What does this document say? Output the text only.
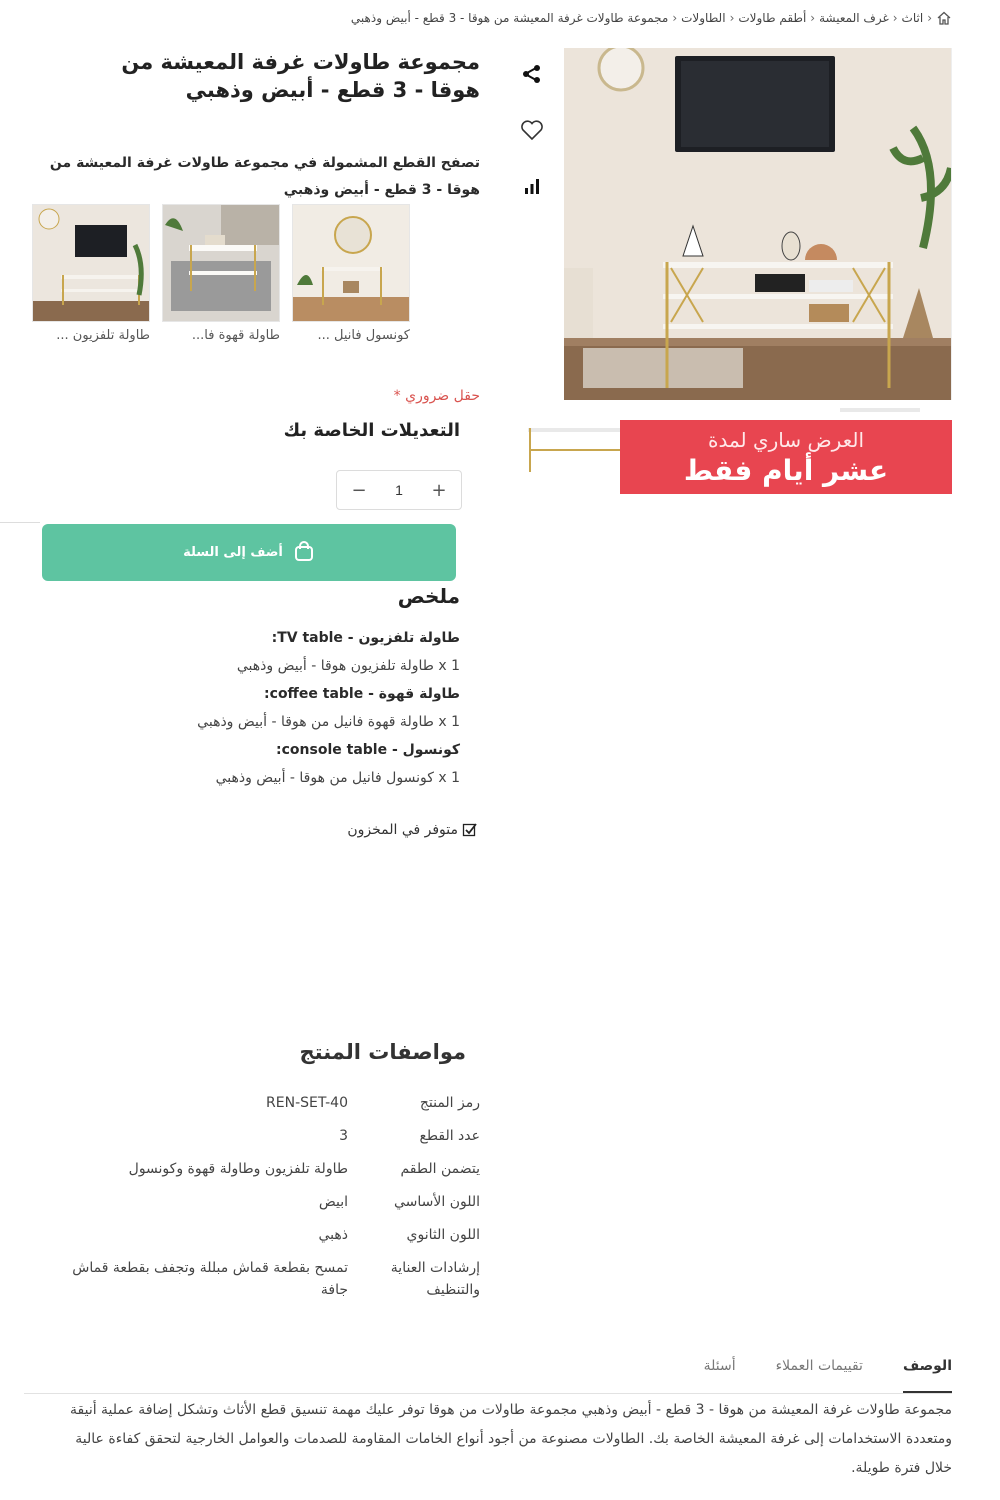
‹
اثاث
‹
غرف المعيشة
‹
أطقم طاولات
‹
الطاولات
‹
مجموعة طاولات غرفة المعيشة من هوقا - 3 قطع - أبيض وذهبي
العرض ساري لمدة
عشر أيام فقط
مجموعة طاولات غرفة المعيشة من هوقا - 3 قطع - أبيض وذهبي

تصفح القطع المشمولة في مجموعة طاولات غرفة المعيشة من هوقا - 3 قطع - أبيض وذهبي

كونسول فانيل ...
طاولة قهوة فا...
طاولة تلفزيون ...
حقل ضروري *
التعديلات الخاصة بك
+
1
−
أضف إلى السلة
ملخص
طاولة تلفزيون - TV table:
1 x طاولة تلفزيون هوقا - أبيض وذهبي
طاولة قهوة - coffee table:
1 x طاولة قهوة فانيل من هوقا - أبيض وذهبي
كونسول - console table:
1 x كونسول فانيل من هوقا - أبيض وذهبي
متوفر في المخزون
مواصفات المنتج
رمز المنتج	REN-SET-40
عدد القطع	3
يتضمن الطقم	طاولة تلفزيون وطاولة قهوة وكونسول
اللون الأساسي	ابيض
اللون الثانوي	ذهبي
إرشادات العناية والتنظيف	تمسح بقطعة قماش مبللة وتجفف بقطعة قماش جافة
الوصف
تقييمات العملاء
أسئلة

مجموعة طاولات غرفة المعيشة من هوقا - 3 قطع - أبيض وذهبي مجموعة طاولات من هوقا توفر عليك مهمة تنسيق قطع الأثاث وتشكل إضافة عملية أنيقة ومتعددة الاستخدامات إلى غرفة المعيشة الخاصة بك. الطاولات مصنوعة من أجود أنواع الخامات المقاومة للصدمات والعوامل الخارجية لتحقق كفاءة عالية خلال فترة طويلة.
